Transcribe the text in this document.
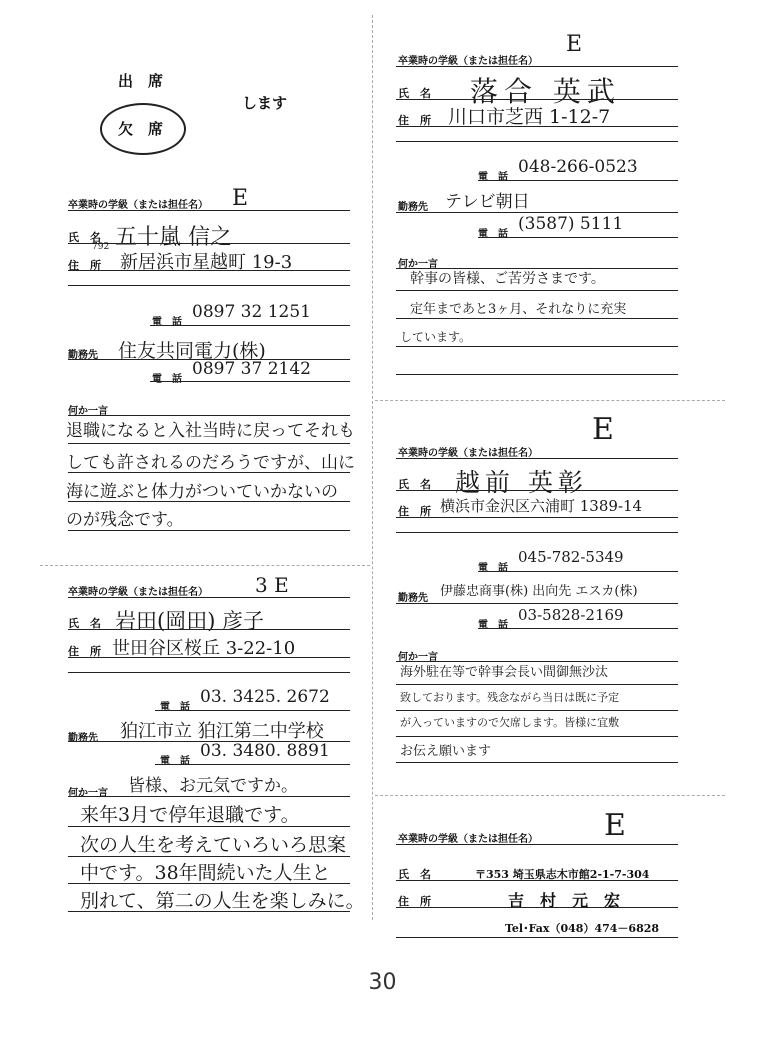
出　席
欠　席
します
卒業時の学級（または担任名） E
氏　名 五十嵐 信之
792
住　所 新居浜市星越町 19-3
電　話
0897 32 1251
勤務先 住友共同電力(株)
電　話
0897 37 2142
何か一言
退職になると入社当時に戻ってそれも
しても許されるのだろうですが、山に
海に遊ぶと体力がついていかないの
のが残念です。
卒業時の学級（または担任名） 3 E
氏　名 岩田(岡田) 彦子
住　所 世田谷区桜丘 3-22-10
電　話
03. 3425. 2672
勤務先 狛江市立 狛江第二中学校
電　話
03. 3480. 8891
何か一言 皆様、お元気ですか。
来年3月で停年退職です。
次の人生を考えていろいろ思案
中です。38年間続いた人生と
別れて、第二の人生を楽しみに。
卒業時の学級（または担任名）
E
氏　名 落合 英武
住　所 川口市芝西 1-12-7
電　話
048-266-0523
勤務先 テレビ朝日
電　話
(3587) 5111
何か一言
幹事の皆様、ご苦労さまです。
定年まであと3ヶ月、それなりに充実
しています。
卒業時の学級（または担任名）
E
氏　名 越前 英彰
住　所 横浜市金沢区六浦町 1389-14
電　話
045-782-5349
勤務先 伊藤忠商事(株) 出向先 エスカ(株)
電　話
03-5828-2169
何か一言
海外駐在等で幹事会長い間御無沙汰
致しております。残念ながら当日は既に予定
が入っていますので欠席します。皆様に宜敷
お伝え願います
卒業時の学級（または担任名） E
氏　名	〒353 埼玉県志木市館2-1-7-304
住　所	吉　村　元　宏
Tel･Fax（048）474－6828
30
